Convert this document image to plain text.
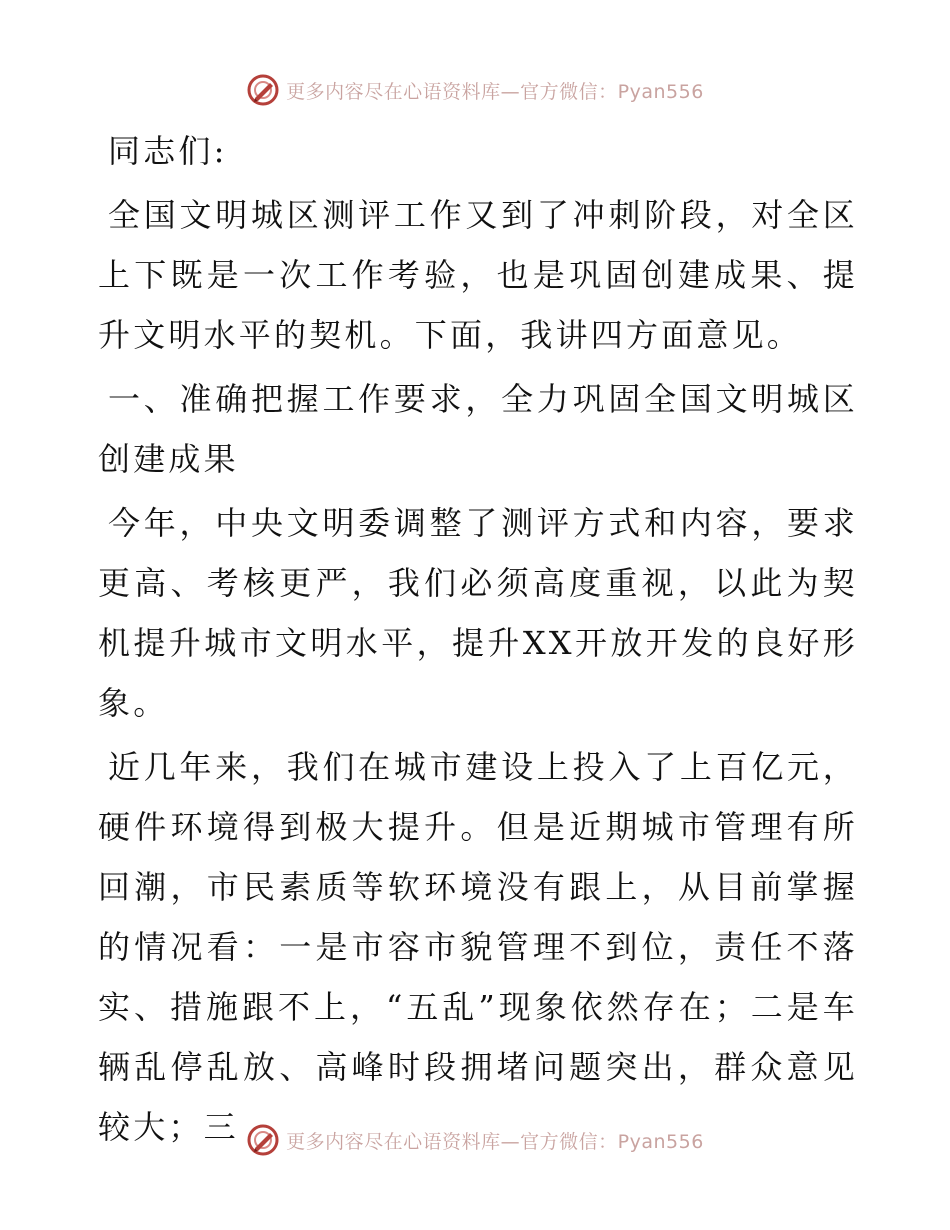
更多内容尽在心语资料库—官方微信：Pyan556

同志们:

全国文明城区测评工作又到了冲刺阶段，对全区上下既是一次工作考验，也是巩固创建成果、提升文明水平的契机。下面，我讲四方面意见。

一、准确把握工作要求，全力巩固全国文明城区创建成果

今年，中央文明委调整了测评方式和内容，要求更高、考核更严，我们必须高度重视，以此为契机提升城市文明水平，提升XX开放开发的良好形象。

近几年来，我们在城市建设上投入了上百亿元，硬件环境得到极大提升。但是近期城市管理有所回潮，市民素质等软环境没有跟上，从目前掌握的情况看：一是市容市貌管理不到位，责任不落实、措施跟不上，“五乱”现象依然存在；二是车辆乱停乱放、高峰时段拥堵问题突出，群众意见较大；三	更多内容尽在心语资料库—官方微信：Pyan556
